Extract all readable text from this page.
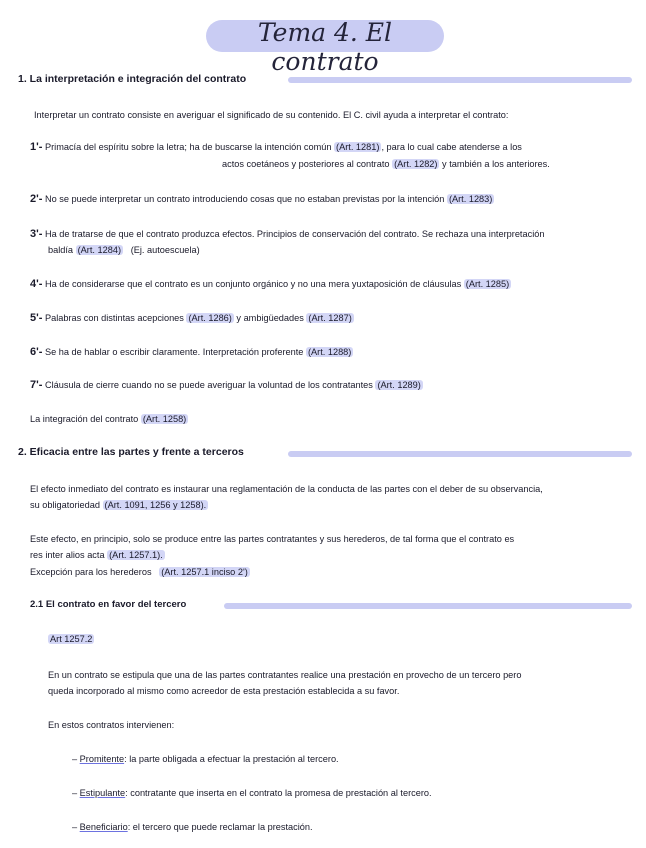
Tema 4. El contrato
1. La interpretación e integración del contrato
Interpretar un contrato consiste en averiguar el significado de su contenido. El C. civil ayuda a interpretar el contrato:
1'- Primacía del espíritu sobre la letra; ha de buscarse la intención común (Art. 1281) , para lo cual cabe atenderse a los
actos coetáneos y posteriores al contrato (Art. 1282) y también a los anteriores.
2'- No se puede interpretar un contrato introduciendo cosas que no estaban previstas por la intención (Art. 1283)
3'- Ha de tratarse de que el contrato produzca efectos. Principios de conservación del contrato. Se rechaza una interpretación
baldía (Art. 1284) (Ej. autoescuela)
4'- Ha de considerarse que el contrato es un conjunto orgánico y no una mera yuxtaposición de cláusulas (Art. 1285)
5'- Palabras con distintas acepciones (Art. 1286) y ambigüedades (Art. 1287)
6'- Se ha de hablar o escribir claramente. Interpretación proferente (Art. 1288)
7'- Cláusula de cierre cuando no se puede averiguar la voluntad de los contratantes (Art. 1289)
La integración del contrato (Art. 1258)
2. Eficacia entre las partes y frente a terceros
El efecto inmediato del contrato es instaurar una reglamentación de la conducta de las partes con el deber de su observancia,
su obligatoriedad (Art. 1091, 1256 y 1258).
Este efecto, en principio, solo se produce entre las partes contratantes y sus herederos, de tal forma que el contrato es
res inter alios acta (Art. 1257.1).
Excepción para los herederos (Art. 1257.1 inciso 2')
2.1 El contrato en favor del tercero
Art 1257.2
En un contrato se estipula que una de las partes contratantes realice una prestación en provecho de un tercero pero
queda incorporado al mismo como acreedor de esta prestación establecida a su favor.
En estos contratos intervienen:
– Promitente: la parte obligada a efectuar la prestación al tercero.
– Estipulante: contratante que inserta en el contrato la promesa de prestación al tercero.
– Beneficiario: el tercero que puede reclamar la prestación.
